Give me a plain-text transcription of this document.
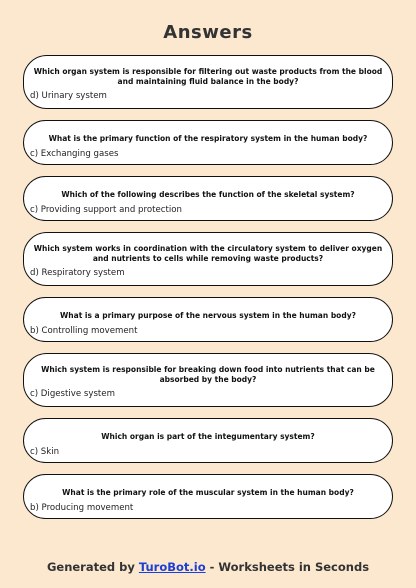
Answers
Which organ system is responsible for filtering out waste products from the blood and maintaining fluid balance in the body?
d) Urinary system
What is the primary function of the respiratory system in the human body?
c) Exchanging gases
Which of the following describes the function of the skeletal system?
c) Providing support and protection
Which system works in coordination with the circulatory system to deliver oxygen and nutrients to cells while removing waste products?
d) Respiratory system
What is a primary purpose of the nervous system in the human body?
b) Controlling movement
Which system is responsible for breaking down food into nutrients that can be absorbed by the body?
c) Digestive system
Which organ is part of the integumentary system?
c) Skin
What is the primary role of the muscular system in the human body?
b) Producing movement
Generated by TuroBot.io - Worksheets in Seconds
